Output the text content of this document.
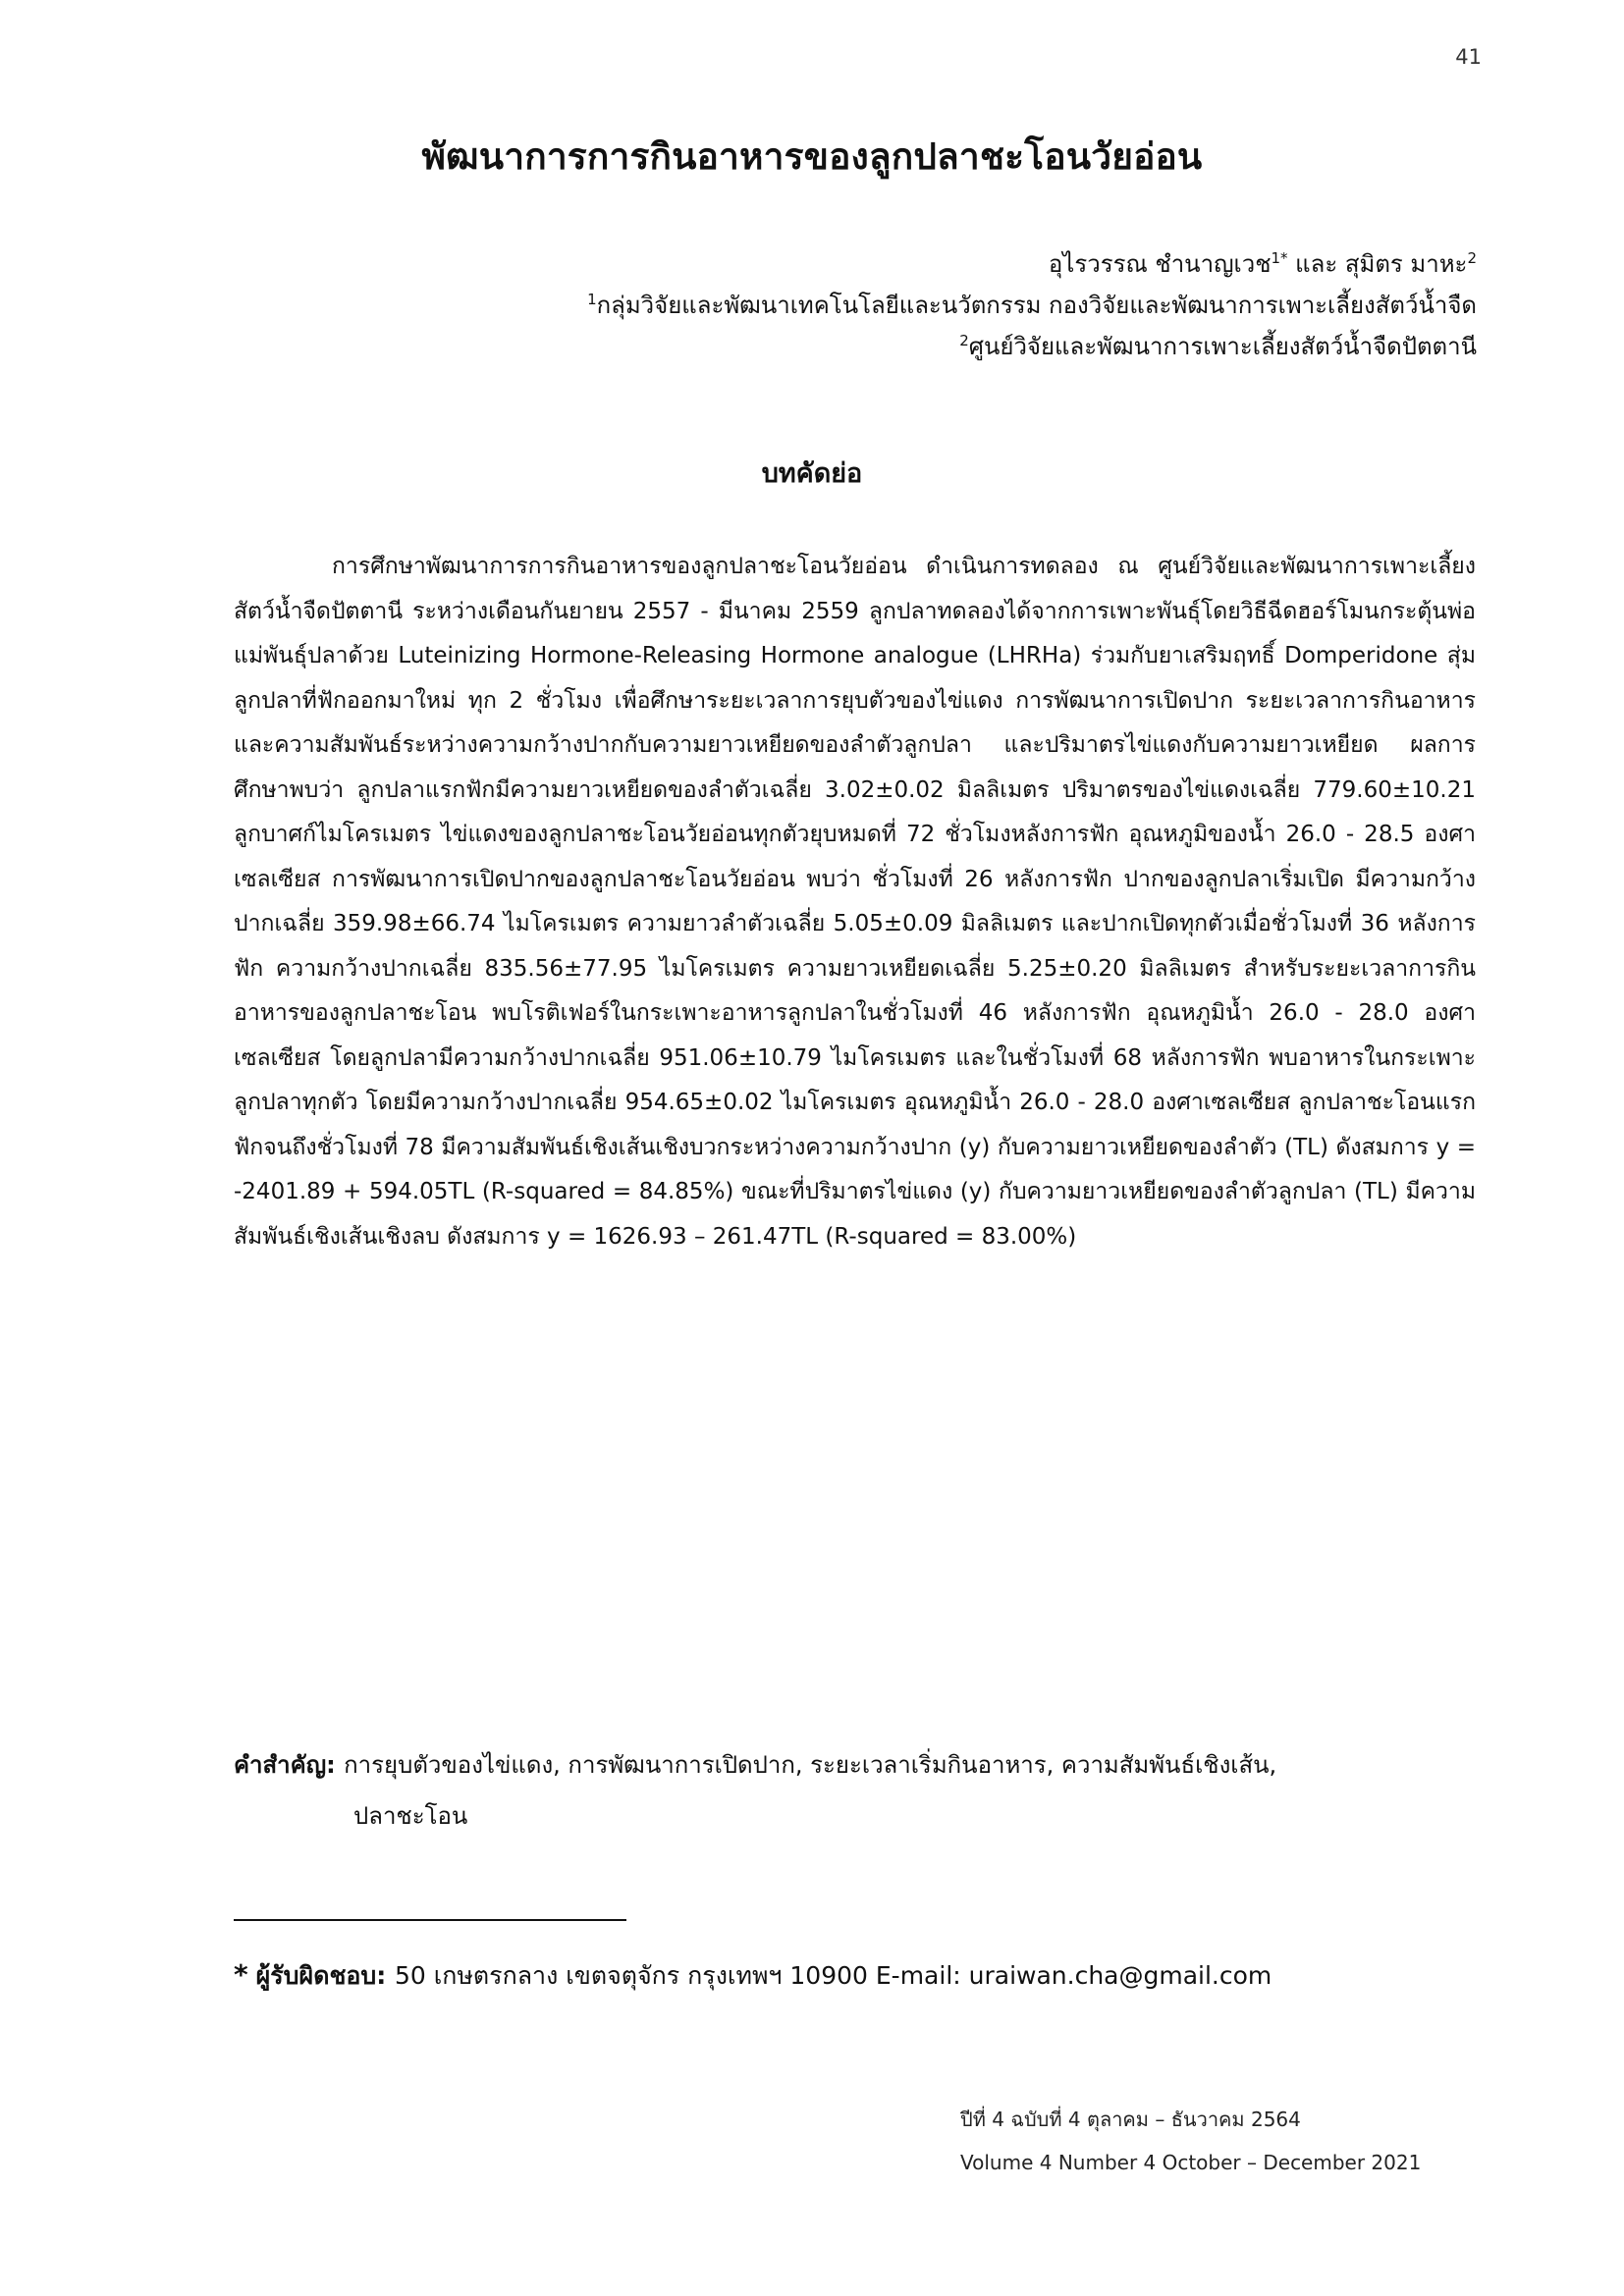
41
พัฒนาการการกินอาหารของลูกปลาชะโอนวัยอ่อน
อุไรวรรณ ชำนาญเวช$^{1*}$ และ สุมิตร มาหะ$^2$
$^1$กลุ่มวิจัยและพัฒนาเทคโนโลยีและนวัตกรรม กองวิจัยและพัฒนาการเพาะเลี้ยงสัตว์น้ำจืด
$^2$ศูนย์วิจัยและพัฒนาการเพาะเลี้ยงสัตว์น้ำจืดปัตตานี
บทคัดย่อ

การศึกษาพัฒนาการการกินอาหารของลูกปลาชะโอนวัยอ่อน ดำเนินการทดลอง ณ ศูนย์วิจัยและพัฒนาการเพาะเลี้ยงสัตว์น้ำจืดปัตตานี ระหว่างเดือนกันยายน 2557 - มีนาคม 2559 ลูกปลาทดลองได้จากการเพาะพันธุ์โดยวิธีฉีดฮอร์โมนกระตุ้นพ่อแม่พันธุ์ปลาด้วย Luteinizing Hormone-Releasing Hormone analogue (LHRHa) ร่วมกับยาเสริมฤทธิ์ Domperidone สุ่มลูกปลาที่ฟักออกมาใหม่ ทุก 2 ชั่วโมง เพื่อศึกษาระยะเวลาการยุบตัวของไข่แดง การพัฒนาการเปิดปาก ระยะเวลาการกินอาหาร และความสัมพันธ์ระหว่างความกว้างปากกับความยาวเหยียดของลำตัวลูกปลา และปริมาตรไข่แดงกับความยาวเหยียด ผลการศึกษาพบว่า ลูกปลาแรกฟักมีความยาวเหยียดของลำตัวเฉลี่ย 3.02±0.02 มิลลิเมตร ปริมาตรของไข่แดงเฉลี่ย 779.60±10.21 ลูกบาศก์ไมโครเมตร ไข่แดงของลูกปลาชะโอนวัยอ่อนทุกตัวยุบหมดที่ 72 ชั่วโมงหลังการฟัก อุณหภูมิของน้ำ 26.0 - 28.5 องศาเซลเซียส การพัฒนาการเปิดปากของลูกปลาชะโอนวัยอ่อน พบว่า ชั่วโมงที่ 26 หลังการฟัก ปากของลูกปลาเริ่มเปิด มีความกว้างปากเฉลี่ย 359.98±66.74 ไมโครเมตร ความยาวลำตัวเฉลี่ย 5.05±0.09 มิลลิเมตร และปากเปิดทุกตัวเมื่อชั่วโมงที่ 36 หลังการฟัก ความกว้างปากเฉลี่ย 835.56±77.95 ไมโครเมตร ความยาวเหยียดเฉลี่ย 5.25±0.20 มิลลิเมตร สำหรับระยะเวลาการกินอาหารของลูกปลาชะโอน พบโรติเฟอร์ในกระเพาะอาหารลูกปลาในชั่วโมงที่ 46 หลังการฟัก อุณหภูมิน้ำ 26.0 - 28.0 องศาเซลเซียส โดยลูกปลามีความกว้างปากเฉลี่ย 951.06±10.79 ไมโครเมตร และในชั่วโมงที่ 68 หลังการฟัก พบอาหารในกระเพาะลูกปลาทุกตัว โดยมีความกว้างปากเฉลี่ย 954.65±0.02 ไมโครเมตร อุณหภูมิน้ำ 26.0 - 28.0 องศาเซลเซียส ลูกปลาชะโอนแรกฟักจนถึงชั่วโมงที่ 78 มีความสัมพันธ์เชิงเส้นเชิงบวกระหว่างความกว้างปาก (y) กับความยาวเหยียดของลำตัว (TL) ดังสมการ y = -2401.89 + 594.05TL (R-squared = 84.85%) ขณะที่ปริมาตรไข่แดง (y) กับความยาวเหยียดของลำตัวลูกปลา (TL) มีความสัมพันธ์เชิงเส้นเชิงลบ ดังสมการ y = 1626.93 – 261.47TL (R-squared = 83.00%)

คำสำคัญ: การยุบตัวของไข่แดง, การพัฒนาการเปิดปาก, ระยะเวลาเริ่มกินอาหาร, ความสัมพันธ์เชิงเส้น,
ปลาชะโอน
* ผู้รับผิดชอบ: 50 เกษตรกลาง เขตจตุจักร กรุงเทพฯ 10900 E-mail: uraiwan.cha@gmail.com
ปีที่ 4 ฉบับที่ 4 ตุลาคม – ธันวาคม 2564
Volume 4 Number 4 October – December 2021
